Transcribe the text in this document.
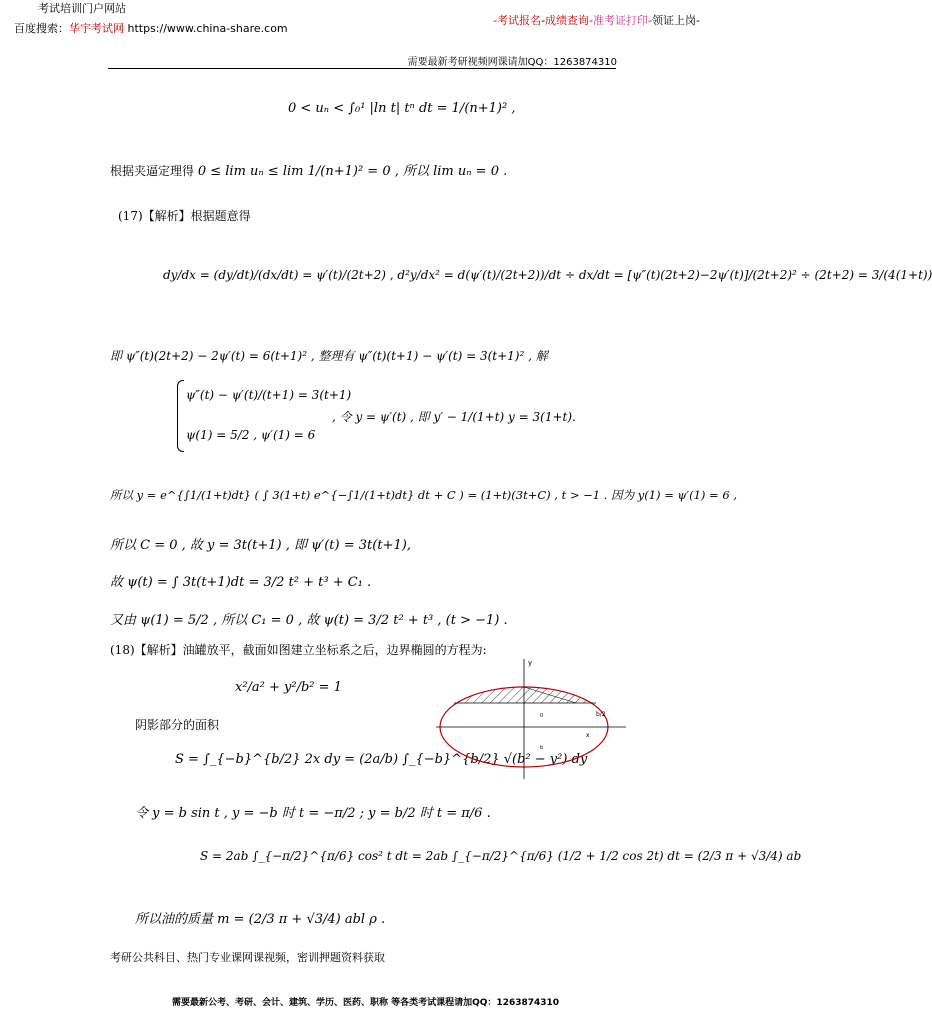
考试培训门户网站
百度搜索：华宇考试网 https://www.china-share.com
-考试报名-成绩查询-准考证打印-领证上岗-
需要最新考研视频网课请加QQ：1263874310
0 < uₙ < ∫₀¹ |ln t| tⁿ dt = 1/(n+1)² ,
根据夹逼定理得 0 ≤ lim uₙ ≤ lim 1/(n+1)² = 0 , 所以 lim uₙ = 0 .
(17)【解析】根据题意得
dy/dx = (dy/dt)/(dx/dt) = ψ′(t)/(2t+2) , d²y/dx² = d(ψ′(t)/(2t+2))/dt ÷ dx/dt = [ψ″(t)(2t+2)−2ψ′(t)]/(2t+2)² ÷ (2t+2) = 3/(4(1+t))
即 ψ″(t)(2t+2) − 2ψ′(t) = 6(t+1)² , 整理有 ψ″(t)(t+1) − ψ′(t) = 3(t+1)² , 解
ψ″(t) − ψ′(t)/(t+1) = 3(t+1)
ψ(1) = 5/2 , ψ′(1) = 6
, 令 y = ψ′(t) , 即 y′ − 1/(1+t) y = 3(1+t).
所以 y = e^{∫1/(1+t)dt} ( ∫ 3(1+t) e^{−∫1/(1+t)dt} dt + C ) = (1+t)(3t+C) , t > −1 . 因为 y(1) = ψ′(1) = 6 ,
所以 C = 0 , 故 y = 3t(t+1) , 即 ψ′(t) = 3t(t+1),
故 ψ(t) = ∫ 3t(t+1)dt = 3/2 t² + t³ + C₁ .
又由 ψ(1) = 5/2 , 所以 C₁ = 0 , 故 ψ(t) = 3/2 t² + t³ , (t > −1) .
(18)【解析】油罐放平，截面如图建立坐标系之后，边界椭圆的方程为:
x²/a² + y²/b² = 1
阴影部分的面积
S = ∫_{−b}^{b/2} 2x dy = (2a/b) ∫_{−b}^{b/2} √(b² − y²) dy
令 y = b sin t , y = −b 时 t = −π/2 ; y = b/2 时 t = π/6 .
S = 2ab ∫_{−π/2}^{π/6} cos² t dt = 2ab ∫_{−π/2}^{π/6} (1/2 + 1/2 cos 2t) dt = (2/3 π + √3/4) ab
所以油的质量 m = (2/3 π + √3/4) abl ρ .
y
x
b/2
0
b
考研公共科目、热门专业课网课视频，密训押题资料获取
需要最新公考、考研、会计、建筑、学历、医药、职称 等各类考试课程请加QQ：1263874310
